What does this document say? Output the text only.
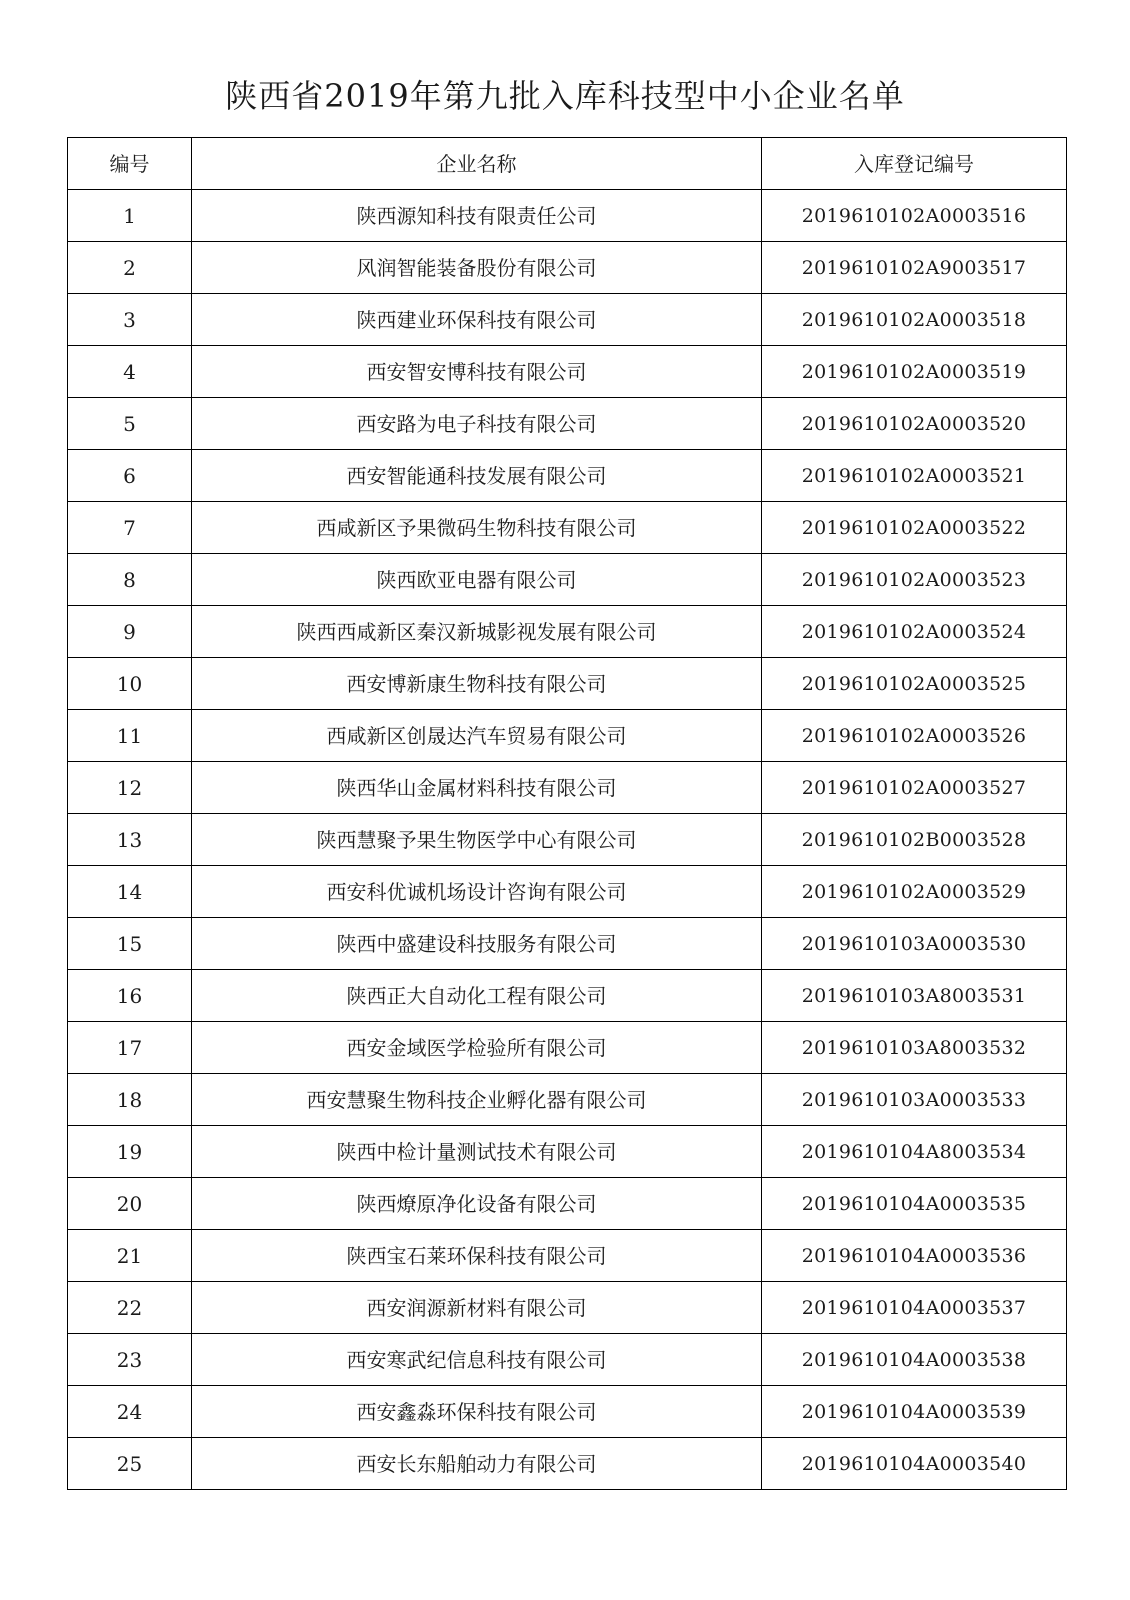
陕西省2019年第九批入库科技型中小企业名单
编号	企业名称	入库登记编号
1	陕西源知科技有限责任公司	2019610102A0003516
2	风润智能装备股份有限公司	2019610102A9003517
3	陕西建业环保科技有限公司	2019610102A0003518
4	西安智安博科技有限公司	2019610102A0003519
5	西安路为电子科技有限公司	2019610102A0003520
6	西安智能通科技发展有限公司	2019610102A0003521
7	西咸新区予果微码生物科技有限公司	2019610102A0003522
8	陕西欧亚电器有限公司	2019610102A0003523
9	陕西西咸新区秦汉新城影视发展有限公司	2019610102A0003524
10	西安博新康生物科技有限公司	2019610102A0003525
11	西咸新区创晟达汽车贸易有限公司	2019610102A0003526
12	陕西华山金属材料科技有限公司	2019610102A0003527
13	陕西慧聚予果生物医学中心有限公司	2019610102B0003528
14	西安科优诚机场设计咨询有限公司	2019610102A0003529
15	陕西中盛建设科技服务有限公司	2019610103A0003530
16	陕西正大自动化工程有限公司	2019610103A8003531
17	西安金域医学检验所有限公司	2019610103A8003532
18	西安慧聚生物科技企业孵化器有限公司	2019610103A0003533
19	陕西中检计量测试技术有限公司	2019610104A8003534
20	陕西燎原净化设备有限公司	2019610104A0003535
21	陕西宝石莱环保科技有限公司	2019610104A0003536
22	西安润源新材料有限公司	2019610104A0003537
23	西安寒武纪信息科技有限公司	2019610104A0003538
24	西安鑫淼环保科技有限公司	2019610104A0003539
25	西安长东船舶动力有限公司	2019610104A0003540
